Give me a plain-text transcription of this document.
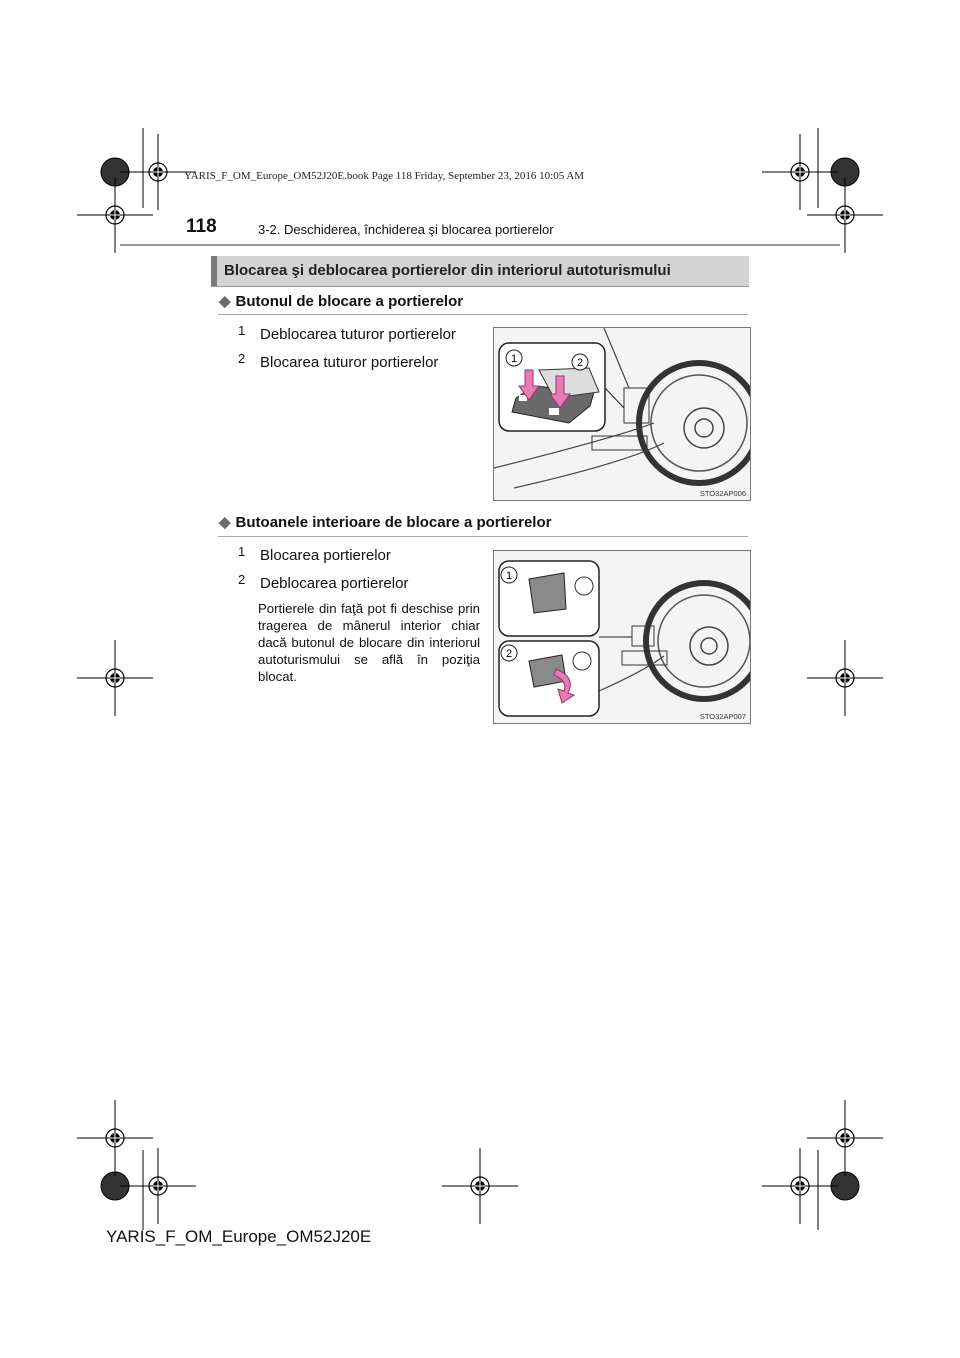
YARIS_F_OM_Europe_OM52J20E.book Page 118 Friday, September 23, 2016 10:05 AM
118	3-2. Deschiderea, închiderea şi blocarea portierelor
Blocarea şi deblocarea portierelor din interiorul autoturismului
◆ Butonul de blocare a portierelor
1 Deblocarea tuturor portierelor
2 Blocarea tuturor portierelor	1	2
STO32AP006
◆ Butoanele interioare de blocare a portierelor
1 Blocarea portierelor
2 Deblocarea portierelor
Portierele din faţă pot fi deschise prin tragerea de mânerul interior chiar dacă butonul de blocare din interiorul autoturismului se află în poziţia blocat.
1
2
STO32AP007
YARIS_F_OM_Europe_OM52J20E
